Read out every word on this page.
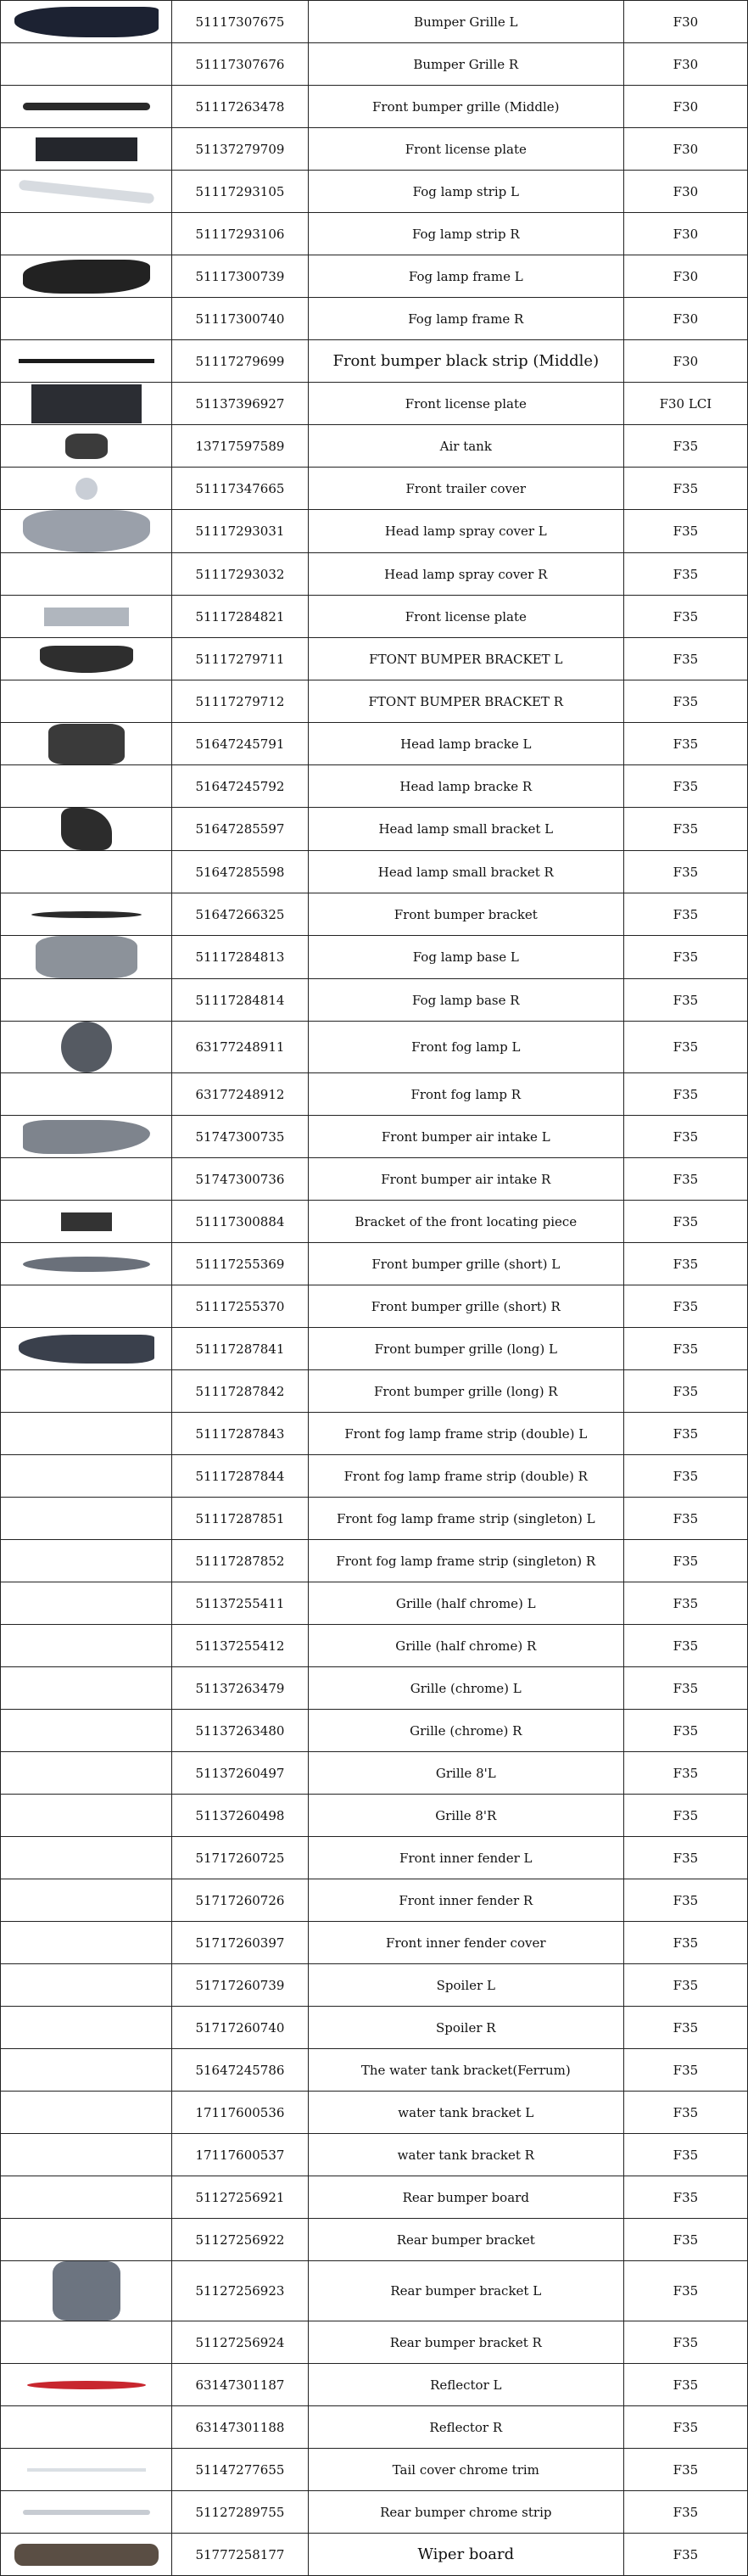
	51117307675	Bumper Grille L	F30
	51117307676	Bumper Grille R	F30

	51117263478	Front bumper grille (Middle)	F30

	51137279709	Front license plate	F30

	51117293105	Fog lamp strip L	F30
	51117293106	Fog lamp strip R	F30

	51117300739	Fog lamp frame L	F30
	51117300740	Fog lamp frame R	F30

	51117279699	Front bumper black strip (Middle)	F30

	51137396927	Front license plate	F30 LCI

	13717597589	Air tank	F35

	51117347665	Front trailer cover	F35

	51117293031	Head lamp spray cover L	F35
	51117293032	Head lamp spray cover R	F35

	51117284821	Front license plate	F35

	51117279711	FTONT BUMPER BRACKET L	F35
	51117279712	FTONT BUMPER BRACKET R	F35

	51647245791	Head lamp bracke L	F35
	51647245792	Head lamp bracke R	F35

	51647285597	Head lamp small bracket L	F35
	51647285598	Head lamp small bracket R	F35

	51647266325	Front bumper bracket	F35

	51117284813	Fog lamp base L	F35
	51117284814	Fog lamp base R	F35

	63177248911	Front fog lamp L	F35
	63177248912	Front fog lamp R	F35

	51747300735	Front bumper air intake L	F35
	51747300736	Front bumper air intake R	F35

	51117300884	Bracket of the front locating piece	F35

	51117255369	Front bumper grille (short) L	F35
	51117255370	Front bumper grille (short) R	F35

	51117287841	Front bumper grille (long) L	F35
	51117287842	Front bumper grille (long) R	F35
	51117287843	Front fog lamp frame strip (double) L	F35
	51117287844	Front fog lamp frame strip (double) R	F35
	51117287851	Front fog lamp frame strip (singleton) L	F35
	51117287852	Front fog lamp frame strip (singleton) R	F35
	51137255411	Grille (half chrome) L	F35
	51137255412	Grille (half chrome) R	F35
	51137263479	Grille (chrome) L	F35
	51137263480	Grille (chrome) R	F35
	51137260497	Grille 8'L	F35
	51137260498	Grille 8'R	F35
	51717260725	Front inner fender L	F35
	51717260726	Front inner fender R	F35
	51717260397	Front inner fender cover	F35
	51717260739	Spoiler L	F35
	51717260740	Spoiler R	F35
	51647245786	The water tank bracket(Ferrum)	F35
	17117600536	water tank bracket L	F35
	17117600537	water tank bracket R	F35
	51127256921	Rear bumper board	F35
	51127256922	Rear bumper bracket	F35

	51127256923	Rear bumper bracket L	F35
	51127256924	Rear bumper bracket R	F35

	63147301187	Reflector L	F35
	63147301188	Reflector R	F35

	51147277655	Tail cover chrome trim	F35

	51127289755	Rear bumper chrome strip	F35

	51777258177	Wiper board	F35
